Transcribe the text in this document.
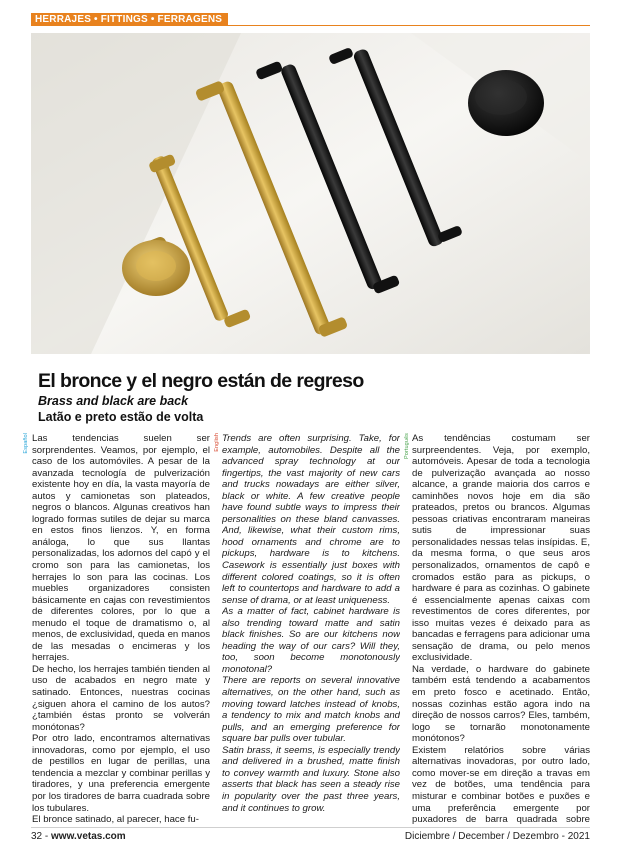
HERRAJES • FITTINGS • FERRAGENS
El bronce y el negro están de regreso
Brass and black are back
Latão e preto estão de volta
Español	English	Português

Las tendencias suelen ser sorprendentes. Veamos, por ejemplo, el caso de los automóviles. A pesar de la avanzada tecnología de pulverización existente hoy en día, la vasta mayoría de autos y camionetas son plateados, negros o blancos. Algunas creativos han logrado formas sutiles de dejar su marca en estos finos lienzos. Y, en forma análoga, lo que sus llantas personalizadas, los adornos del capó y el cromo son para las camionetas, los herrajes lo son para las cocinas. Los muebles organizadores consisten básicamente en cajas con revestimientos de diferentes colores, por lo que a menudo el toque de dramatismo o, al menos, de exclusividad, queda en manos de las mesadas o encimeras y los herrajes.

De hecho, los herrajes también tienden al uso de acabados en negro mate y satinado. Entonces, nuestras cocinas ¿siguen ahora el camino de los autos? ¿también éstas pronto se volverán monótonas?

Por otro lado, encontramos alternativas innovadoras, como por ejemplo, el uso de pestillos en lugar de perillas, una tendencia a mezclar y combinar perillas y tiradores, y una preferencia emergente por los tiradores de barra cuadrada sobre los tubulares.

El bronce satinado, al parecer, hace fu-

Trends are often surprising. Take, for example, automobiles. Despite all the advanced spray technology at our fingertips, the vast majority of new cars and trucks nowadays are either silver, black or white. A few creative people have found subtle ways to impress their personalities on these bland canvasses. And, likewise, what their custom rims, hood ornaments and chrome are to pickups, hardware is to kitchens. Casework is essentially just boxes with different colored coatings, so it is often left to countertops and hardware to add a sense of drama, or at least uniqueness.

As a matter of fact, cabinet hardware is also trending toward matte and satin black finishes. So are our kitchens now heading the way of our cars? Will they, too, soon become monotonously monotonal?

There are reports on several innovative alternatives, on the other hand, such as moving toward latches instead of knobs, a tendency to mix and match knobs and pulls, and an emerging preference for square bar pulls over tubular.

Satin brass, it seems, is especially trendy and delivered in a brushed, matte finish to convey warmth and luxury. Stone also asserts that black has seen a steady rise in popularity over the past three years, and it continues to grow.

As tendências costumam ser surpreendentes. Veja, por exemplo, automóveis. Apesar de toda a tecnologia de pulverização avançada ao nosso alcance, a grande maioria dos carros e caminhões novos hoje em dia são prateados, pretos ou brancos. Algumas pessoas criativas encontraram maneiras sutis de impressionar suas personalidades nessas telas insípidas. E, da mesma forma, o que seus aros personalizados, ornamentos de capô e cromados estão para as pickups, o hardware é para as cozinhas. O gabinete é essencialmente apenas caixas com revestimentos de cores diferentes, por isso muitas vezes é deixado para as bancadas e ferragens para adicionar uma sensação de drama, ou pelo menos exclusividade.

Na verdade, o hardware do gabinete também está tendendo a acabamentos em preto fosco e acetinado. Então, nossas cozinhas estão agora indo na direção de nossos carros? Eles, também, logo se tornarão monotonamente monótonos?

Existem relatórios sobre várias alternativas inovadoras, por outro lado, como mover-se em direção a travas em vez de botões, uma tendência para misturar e combinar botões e puxões e uma preferência emergente por puxadores de barra quadrada sobre

32 - www.vetas.com	Diciembre / December / Dezembro - 2021
